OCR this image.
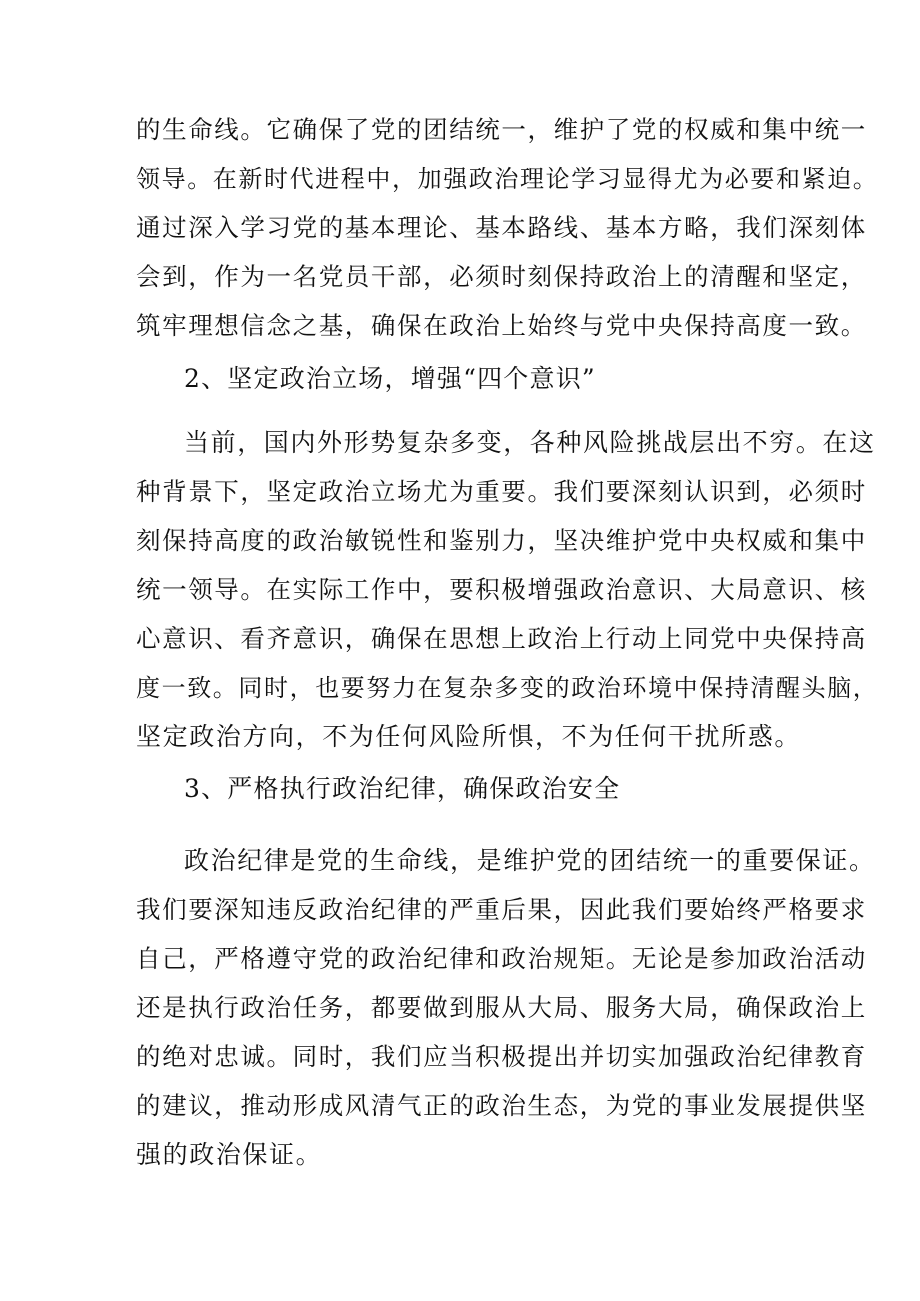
的生命线。它确保了党的团结统一，维护了党的权威和集中统一
领导。在新时代进程中，加强政治理论学习显得尤为必要和紧迫。
通过深入学习党的基本理论、基本路线、基本方略，我们深刻体
会到，作为一名党员干部，必须时刻保持政治上的清醒和坚定，
筑牢理想信念之基，确保在政治上始终与党中央保持高度一致。
2、坚定政治立场，增强“四个意识”
当前，国内外形势复杂多变，各种风险挑战层出不穷。在这
种背景下，坚定政治立场尤为重要。我们要深刻认识到，必须时
刻保持高度的政治敏锐性和鉴别力，坚决维护党中央权威和集中
统一领导。在实际工作中，要积极增强政治意识、大局意识、核
心意识、看齐意识，确保在思想上政治上行动上同党中央保持高
度一致。同时，也要努力在复杂多变的政治环境中保持清醒头脑，
坚定政治方向，不为任何风险所惧，不为任何干扰所惑。
3、严格执行政治纪律，确保政治安全
政治纪律是党的生命线，是维护党的团结统一的重要保证。
我们要深知违反政治纪律的严重后果，因此我们要始终严格要求
自己，严格遵守党的政治纪律和政治规矩。无论是参加政治活动
还是执行政治任务，都要做到服从大局、服务大局，确保政治上
的绝对忠诚。同时，我们应当积极提出并切实加强政治纪律教育
的建议，推动形成风清气正的政治生态，为党的事业发展提供坚
强的政治保证。
